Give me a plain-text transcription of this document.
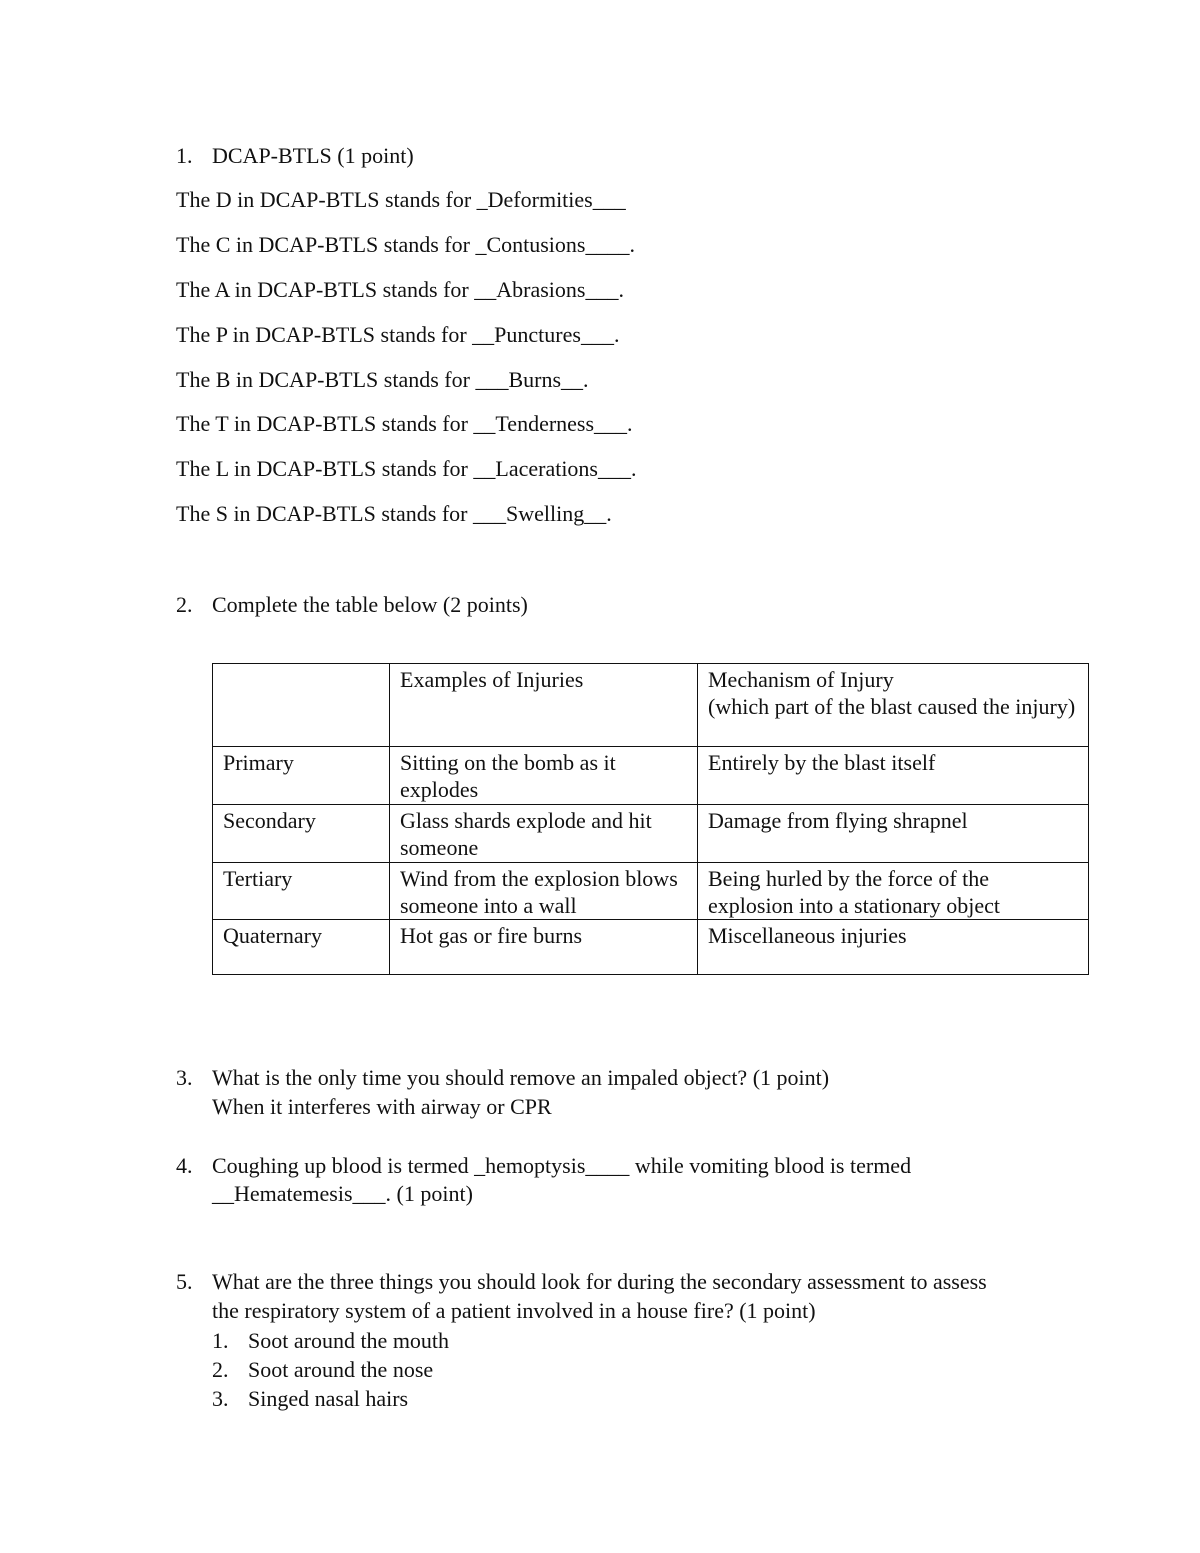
1. DCAP-BTLS (1 point)
The D in DCAP-BTLS stands for _Deformities___
The C in DCAP-BTLS stands for _Contusions____.
The A in DCAP-BTLS stands for __Abrasions___.
The P in DCAP-BTLS stands for __Punctures___.
The B in DCAP-BTLS stands for ___Burns__.
The T in DCAP-BTLS stands for __Tenderness___.
The L in DCAP-BTLS stands for __Lacerations___.
The S in DCAP-BTLS stands for ___Swelling__.
2. Complete the table below (2 points)
	Examples of Injuries	Mechanism of Injury
(which part of the blast caused the injury)
Primary	Sitting on the bomb as it explodes	Entirely by the blast itself
Secondary	Glass shards explode and hit someone	Damage from flying shrapnel
Tertiary	Wind from the explosion blows someone into a wall	Being hurled by the force of the explosion into a stationary object
Quaternary	Hot gas or fire burns	Miscellaneous injuries
3. What is the only time you should remove an impaled object? (1 point)
When it interferes with airway or CPR
4. Coughing up blood is termed _hemoptysis____ while vomiting blood is termed
__Hematemesis___. (1 point)
5. What are the three things you should look for during the secondary assessment to assess
the respiratory system of a patient involved in a house fire? (1 point)
1. Soot around the mouth
2. Soot around the nose
3. Singed nasal hairs
